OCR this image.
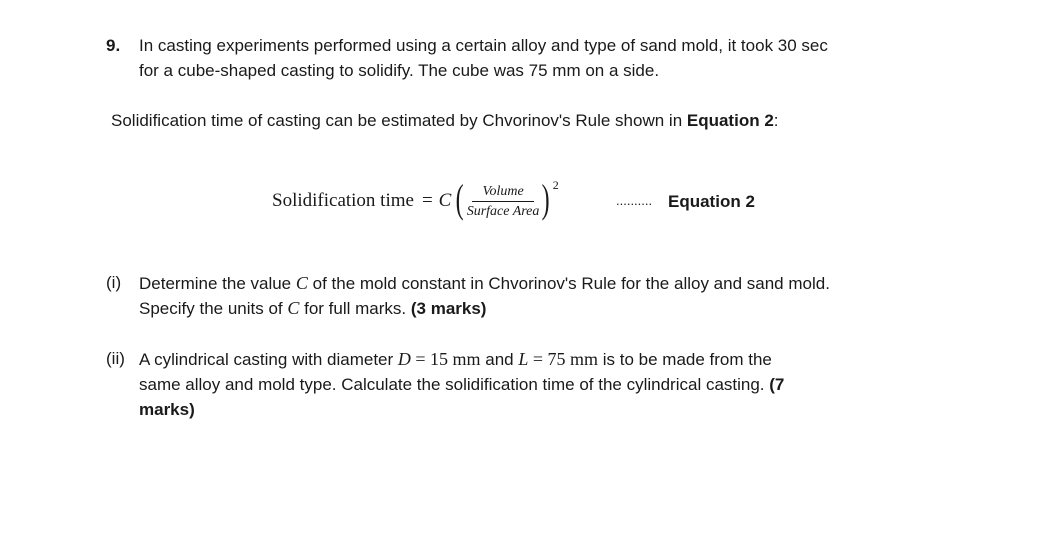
9. In casting experiments performed using a certain alloy and type of sand mold, it took 30 sec
for a cube-shaped casting to solidify. The cube was 75 mm on a side.
Solidification time of casting can be estimated by Chvorinov's Rule shown in Equation 2:
Solidification time = C ( $\frac{\text{Volume}}{\text{Surface Area}}$ ) 2
.......... Equation 2
(i) Determine the value C of the mold constant in Chvorinov's Rule for the alloy and sand mold.
Specify the units of C for full marks. (3 marks)
(ii) A cylindrical casting with diameter D = 15 mm and L = 75 mm is to be made from the
same alloy and mold type. Calculate the solidification time of the cylindrical casting. (7
marks)
